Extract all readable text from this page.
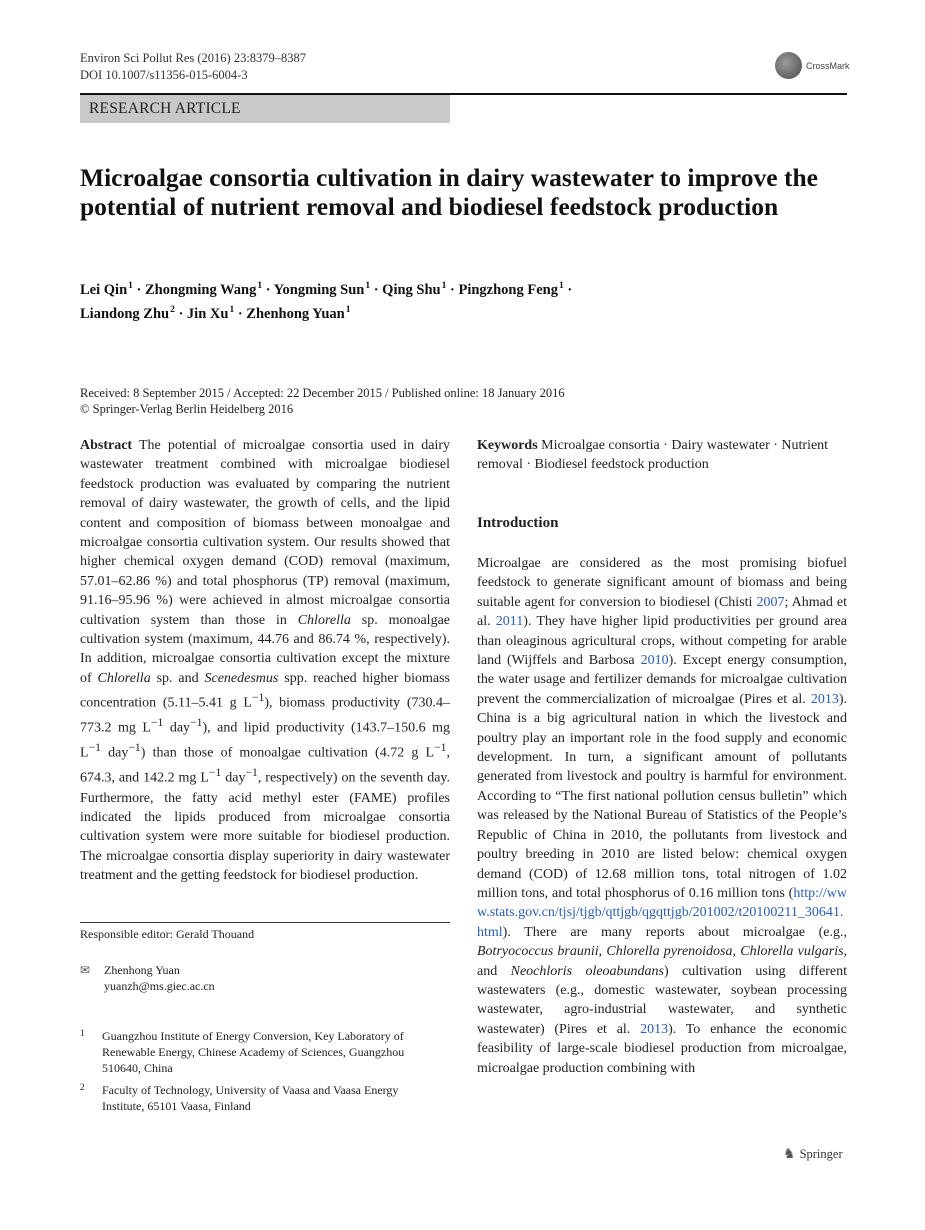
Environ Sci Pollut Res (2016) 23:8379–8387
DOI 10.1007/s11356-015-6004-3
CrossMark
RESEARCH ARTICLE
Microalgae consortia cultivation in dairy wastewater to improve the potential of nutrient removal and biodiesel feedstock production
Lei Qin$^1$ · Zhongming Wang$^1$ · Yongming Sun$^1$ · Qing Shu$^1$ · Pingzhong Feng$^1$ ·
Liandong Zhu$^2$ · Jin $Xu^1$ · Zhenhong Yuan$^1$
Received: 8 September 2015 / Accepted: 22 December 2015 / Published online: 18 January 2016
© Springer-Verlag Berlin Heidelberg 2016
Abstract The potential of microalgae consortia used in dairy wastewater treatment combined with microalgae biodiesel feedstock production was evaluated by comparing the nutrient removal of dairy wastewater, the growth of cells, and the lipid content and composition of biomass between monoalgae and microalgae consortia cultivation system. Our results showed that higher chemical oxygen demand (COD) removal (maximum, 57.01–62.86 %) and total phosphorus (TP) removal (maximum, 91.16–95.96 %) were achieved in almost microalgae consortia cultivation system than those in Chlorella sp. monoalgae cultivation system (maximum, 44.76 and 86.74 %, respectively). In addition, microalgae consortia cultivation except the mixture of Chlorella sp. and Scenedesmus spp. reached higher biomass concentration (5.11–5.41 g $L^{-1}$), biomass productivity (730.4–773.2 mg $L^{-1}$ day$^{-1}$), and lipid productivity (143.7–150.6 mg $L^{-1}$ day$^{-1}$) than those of monoalgae cultivation (4.72 g $L^{-1}$, 674.3, and 142.2 mg $L^{-1}$ day$^{-1}$, respectively) on the seventh day. Furthermore, the fatty acid methyl ester (FAME) profiles indicated the lipids produced from microalgae consortia cultivation system were more suitable for biodiesel production. The microalgae consortia display superiority in dairy wastewater treatment and the getting feedstock for biodiesel production.
Keywords Microalgae consortia · Dairy wastewater · Nutrient removal · Biodiesel feedstock production
Introduction
Microalgae are considered as the most promising biofuel feedstock to generate significant amount of biomass and being suitable agent for conversion to biodiesel (Chisti 2007; Ahmad et al. 2011). They have higher lipid productivities per ground area than oleaginous agricultural crops, without competing for arable land (Wijffels and Barbosa 2010). Except energy consumption, the water usage and fertilizer demands for microalgae cultivation prevent the commercialization of microalgae (Pires et al. 2013). China is a big agricultural nation in which the livestock and poultry play an important role in the food supply and economic development. In turn, a significant amount of pollutants generated from livestock and poultry is harmful for environment. According to “The first national pollution census bulletin” which was released by the National Bureau of Statistics of the People’s Republic of China in 2010, the pollutants from livestock and poultry breeding in 2010 are listed below: chemical oxygen demand (COD) of 12.68 million tons, total nitrogen of 1.02 million tons, and total phosphorus of 0.16 million tons (http://www.stats.gov.cn/tjsj/tjgb/qttjgb/qgqttjgb/201002/t20100211_30641.html). There are many reports about microalgae (e.g., Botryococcus braunii, Chlorella pyrenoidosa, Chlorella vulgaris, and Neochloris oleoabundans) cultivation using different wastewaters (e.g., domestic wastewater, soybean processing wastewater, agro-industrial wastewater, and synthetic wastewater) (Pires et al. 2013). To enhance the economic feasibility of large-scale biodiesel production from microalgae, microalgae production combining with
Responsible editor: Gerald Thouand
✉	Zhenhong Yuan
yuanzh@ms.giec.ac.cn
1	Guangzhou Institute of Energy Conversion, Key Laboratory of Renewable Energy, Chinese Academy of Sciences, Guangzhou 510640, China
2	Faculty of Technology, University of Vaasa and Vaasa Energy Institute, 65101 Vaasa, Finland
♞ Springer
